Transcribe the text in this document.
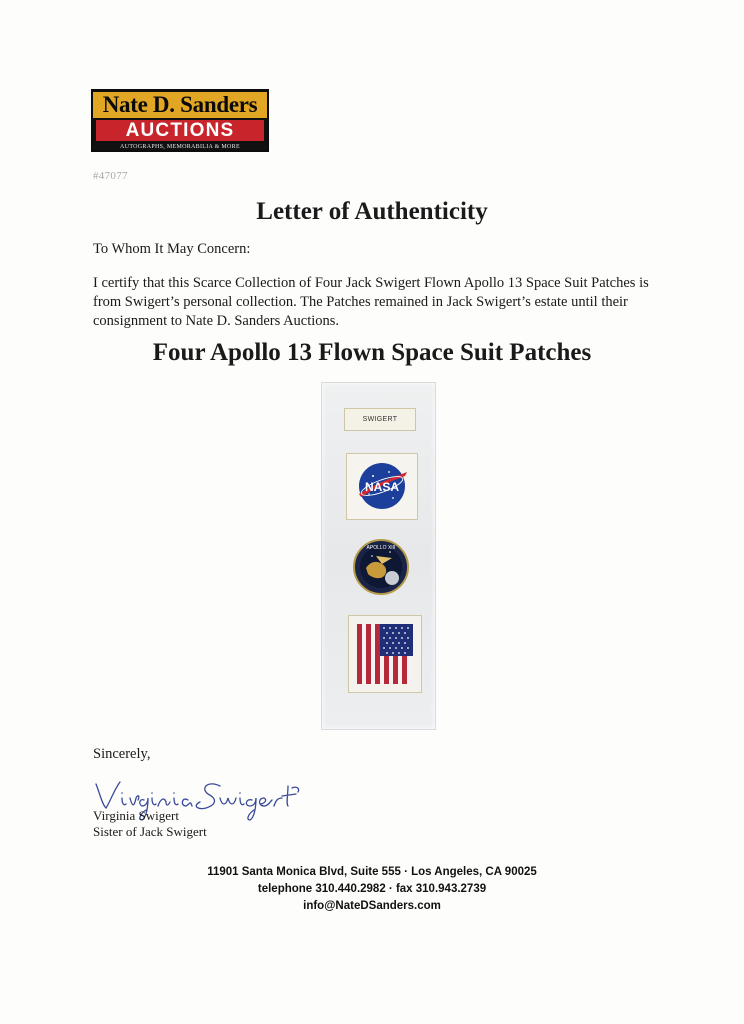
Nate D. Sanders
AUCTIONS
AUTOGRAPHS, MEMORABILIA & MORE
#47077
Letter of Authenticity
To Whom It May Concern:
I certify that this Scarce Collection of Four Jack Swigert Flown Apollo 13 Space Suit Patches is
from Swigert’s personal collection. The Patches remained in Jack Swigert’s estate until their
consignment to Nate D. Sanders Auctions.
Four Apollo 13 Flown Space Suit Patches
SWIGERT
NASA
APOLLO XIII
Sincerely,
Virginia Swigert
Sister of Jack Swigert
11901 Santa Monica Blvd, Suite 555 · Los Angeles, CA 90025
telephone 310.440.2982 · fax 310.943.2739
info@NateDSanders.com
